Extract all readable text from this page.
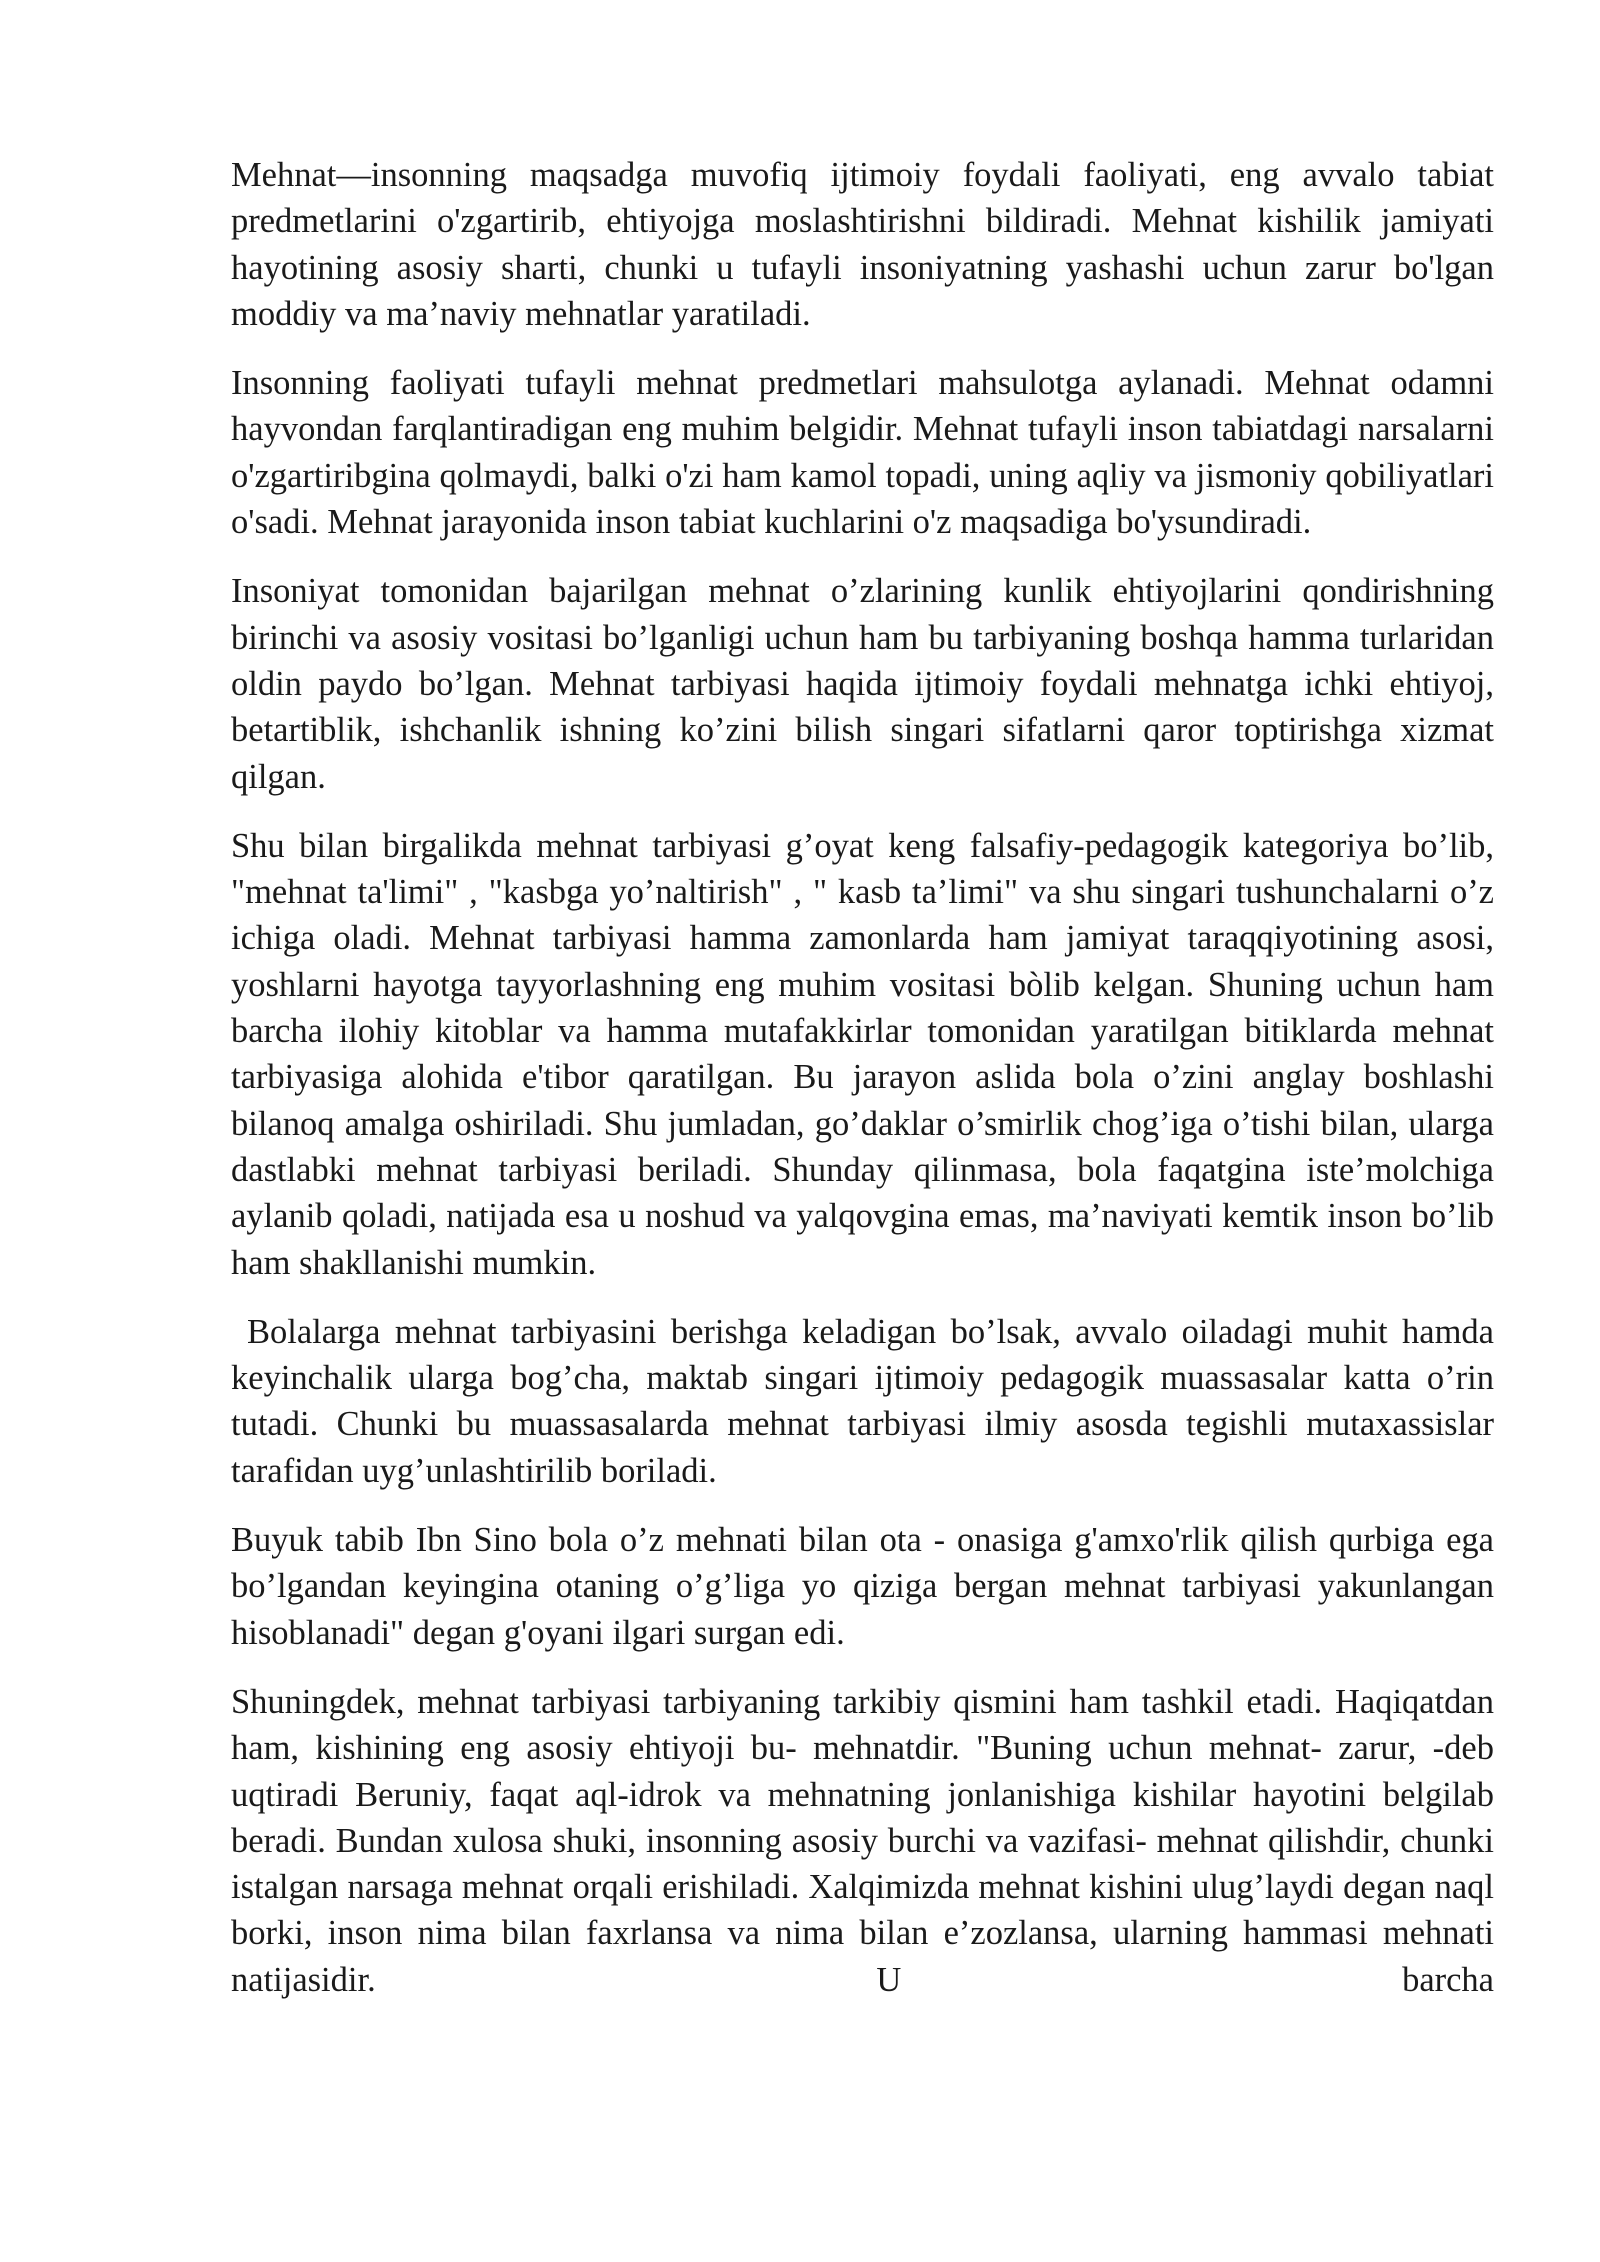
Mehnat—insonning maqsadga muvofiq ijtimoiy foydali faoliyati, eng avvalo tabiat predmetlarini o'zgartirib, ehtiyojga moslashtirishni bildiradi. Mehnat kishilik jamiyati hayotining asosiy sharti, chunki u tufayli insoniyatning yashashi uchun zarur bo'lgan moddiy va ma’naviy mehnatlar yaratiladi.

Insonning faoliyati tufayli mehnat predmetlari mahsulotga aylanadi. Mehnat odamni hayvondan farqlantiradigan eng muhim belgidir. Mehnat tufayli inson tabiatdagi narsalarni o'zgartiribgina qolmaydi, balki o'zi ham kamol topadi, uning aqliy va jismoniy qobiliyatlari o'sadi. Mehnat jarayonida inson tabiat kuchlarini o'z maqsadiga bo'ysundiradi.

Insoniyat tomonidan bajarilgan mehnat o’zlarining kunlik ehtiyojlarini qondirishning birinchi va asosiy vositasi bo’lganligi uchun ham bu tarbiyaning boshqa hamma turlaridan oldin paydo bo’lgan. Mehnat tarbiyasi haqida ijtimoiy foydali mehnatga ichki ehtiyoj, betartiblik, ishchanlik ishning ko’zini bilish singari sifatlarni qaror toptirishga xizmat qilgan.

Shu bilan birgalikda mehnat tarbiyasi g’oyat keng falsafiy-pedagogik kategoriya bo’lib, "mehnat ta'limi" , "kasbga yo’naltirish" , " kasb ta’limi" va shu singari tushunchalarni o’z ichiga oladi. Mehnat tarbiyasi hamma zamonlarda ham jamiyat taraqqiyotining asosi, yoshlarni hayotga tayyorlashning eng muhim vositasi bòlib kelgan. Shuning uchun ham barcha ilohiy kitoblar va hamma mutafakkirlar tomonidan yaratilgan bitiklarda mehnat tarbiyasiga alohida e'tibor qaratilgan. Bu jarayon aslida bola o’zini anglay boshlashi bilanoq amalga oshiriladi. Shu jumladan, go’daklar o’smirlik chog’iga o’tishi bilan, ularga dastlabki mehnat tarbiyasi beriladi. Shunday qilinmasa, bola faqatgina iste’molchiga aylanib qoladi, natijada esa u noshud va yalqovgina emas, ma’naviyati kemtik inson bo’lib ham shakllanishi mumkin.

Bolalarga mehnat tarbiyasini berishga keladigan bo’lsak, avvalo oiladagi muhit hamda keyinchalik ularga bog’cha, maktab singari ijtimoiy pedagogik muassasalar katta o’rin tutadi. Chunki bu muassasalarda mehnat tarbiyasi ilmiy asosda tegishli mutaxassislar tarafidan uyg’unlashtirilib boriladi.

Buyuk tabib Ibn Sino bola o’z mehnati bilan ota - onasiga g'amxo'rlik qilish qurbiga ega bo’lgandan keyingina otaning o’g’liga yo qiziga bergan mehnat tarbiyasi yakunlangan hisoblanadi" degan g'oyani ilgari surgan edi.

Shuningdek, mehnat tarbiyasi tarbiyaning tarkibiy qismini ham tashkil etadi. Haqiqatdan ham, kishining eng asosiy ehtiyoji bu- mehnatdir. "Buning uchun mehnat- zarur, -deb uqtiradi Beruniy, faqat aql-idrok va mehnatning jonlanishiga kishilar hayotini belgilab beradi. Bundan xulosa shuki, insonning asosiy burchi va vazifasi- mehnat qilishdir, chunki istalgan narsaga mehnat orqali erishiladi. Xalqimizda mehnat kishini ulug’laydi degan naql borki, inson nima bilan faxrlansa va nima bilan e’zozlansa, ularning hammasi mehnati natijasidir. U barcha
